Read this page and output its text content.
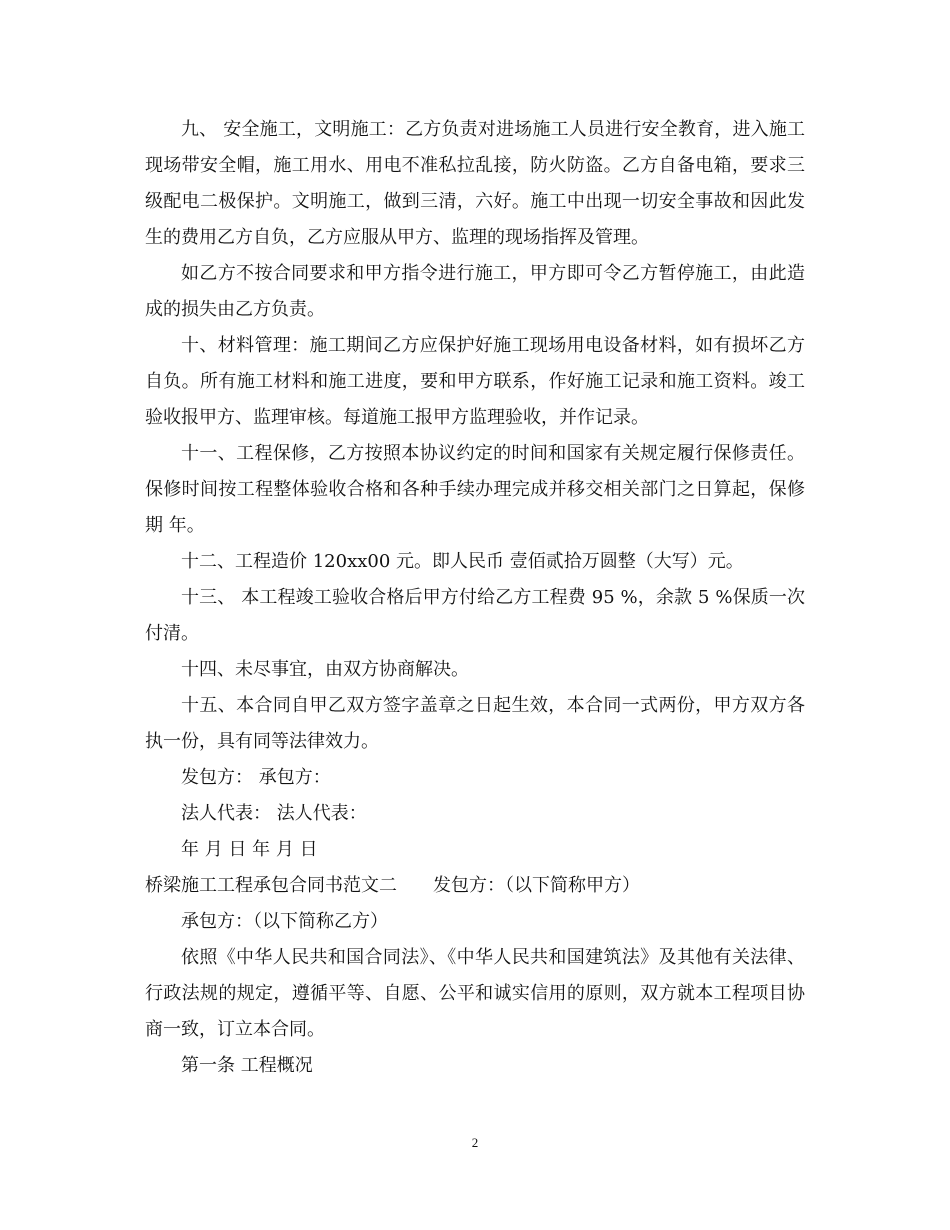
九、 安全施工，文明施工：乙方负责对进场施工人员进行安全教育，进入施工现场带安全帽，施工用水、用电不准私拉乱接，防火防盗。乙方自备电箱，要求三级配电二极保护。文明施工，做到三清，六好。施工中出现一切安全事故和因此发生的费用乙方自负，乙方应服从甲方、监理的现场指挥及管理。

如乙方不按合同要求和甲方指令进行施工，甲方即可令乙方暂停施工，由此造成的损失由乙方负责。

十、材料管理：施工期间乙方应保护好施工现场用电设备材料，如有损坏乙方自负。所有施工材料和施工进度，要和甲方联系，作好施工记录和施工资料。竣工验收报甲方、监理审核。每道施工报甲方监理验收，并作记录。

十一、工程保修，乙方按照本协议约定的时间和国家有关规定履行保修责任。保修时间按工程整体验收合格和各种手续办理完成并移交相关部门之日算起，保修期 年。

十二、工程造价 120xx00 元。即人民币 壹佰贰拾万圆整（大写）元。

十三、 本工程竣工验收合格后甲方付给乙方工程费 95 %，余款 5 %保质一次付清。

十四、未尽事宜，由双方协商解决。

十五、本合同自甲乙双方签字盖章之日起生效，本合同一式两份，甲方双方各执一份，具有同等法律效力。

发包方： 承包方：

法人代表： 法人代表：

年 月 日 年 月 日

桥梁施工工程承包合同书范文二 发包方：（以下简称甲方）

承包方：（以下简称乙方）

依照《中华人民共和国合同法》、《中华人民共和国建筑法》及其他有关法律、行政法规的规定，遵循平等、自愿、公平和诚实信用的原则，双方就本工程项目协商一致，订立本合同。

第一条 工程概况

2
